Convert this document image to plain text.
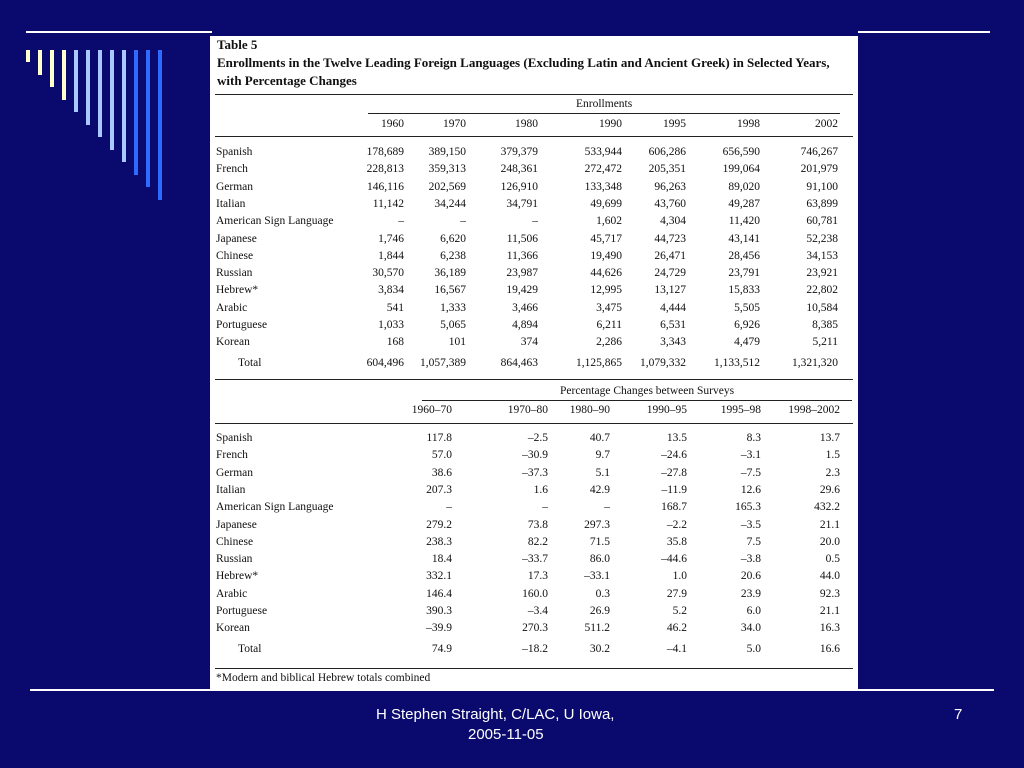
Table 5
Enrollments in the Twelve Leading Foreign Languages (Excluding Latin and Ancient Greek) in Selected Years, with Percentage Changes
Enrollments
1960	1970	1980	1990	1995	1998	2002
Spanish	178,689 389,150	379,379	533,944 606,286	656,590	746,267
French	228,813 359,313	248,361	272,472 205,351	199,064	201,979
German	146,116 202,569	126,910	133,348	96,263	89,020	91,100
Italian	11,142	34,244	34,791	49,699	43,760	49,287	63,899
American Sign Language	–	–	–	1,602	4,304	11,420	60,781
Japanese	1,746	6,620	11,506	45,717	44,723	43,141	52,238
Chinese	1,844	6,238	11,366	19,490	26,471	28,456	34,153
Russian	30,570	36,189	23,987	44,626	24,729	23,791	23,921
Hebrew*	3,834	16,567	19,429	12,995	13,127	15,833	22,802
Arabic	541	1,333	3,466	3,475	4,444	5,505	10,584
Portuguese	1,033	5,065	4,894	6,211	6,531	6,926	8,385
Korean	168	101	374	2,286	3,343	4,479	5,211
Total	604,496 1,057,389	864,463	1,125,865 1,079,332 1,133,512	1,321,320
Percentage Changes between Surveys
1960–70	1970–80 1980–90	1990–95	1995–98 1998–2002
Spanish	117.8	–2.5	40.7	13.5	8.3	13.7
French	57.0	–30.9	9.7	–24.6	–3.1	1.5
German	38.6	–37.3	5.1	–27.8	–7.5	2.3
Italian	207.3	1.6	42.9	–11.9	12.6	29.6
American Sign Language	–	–	–	168.7	165.3	432.2
Japanese	279.2	73.8	297.3	–2.2	–3.5	21.1
Chinese	238.3	82.2	71.5	35.8	7.5	20.0
Russian	18.4	–33.7	86.0	–44.6	–3.8	0.5
Hebrew*	332.1	17.3	–33.1	1.0	20.6	44.0
Arabic	146.4	160.0	0.3	27.9	23.9	92.3
Portuguese	390.3	–3.4	26.9	5.2	6.0	21.1
Korean	–39.9	270.3	511.2	46.2	34.0	16.3
Total	74.9	–18.2	30.2	–4.1	5.0	16.6
*Modern and biblical Hebrew totals combined
H Stephen Straight, C/LAC, U Iowa,
2005-11-05
7
